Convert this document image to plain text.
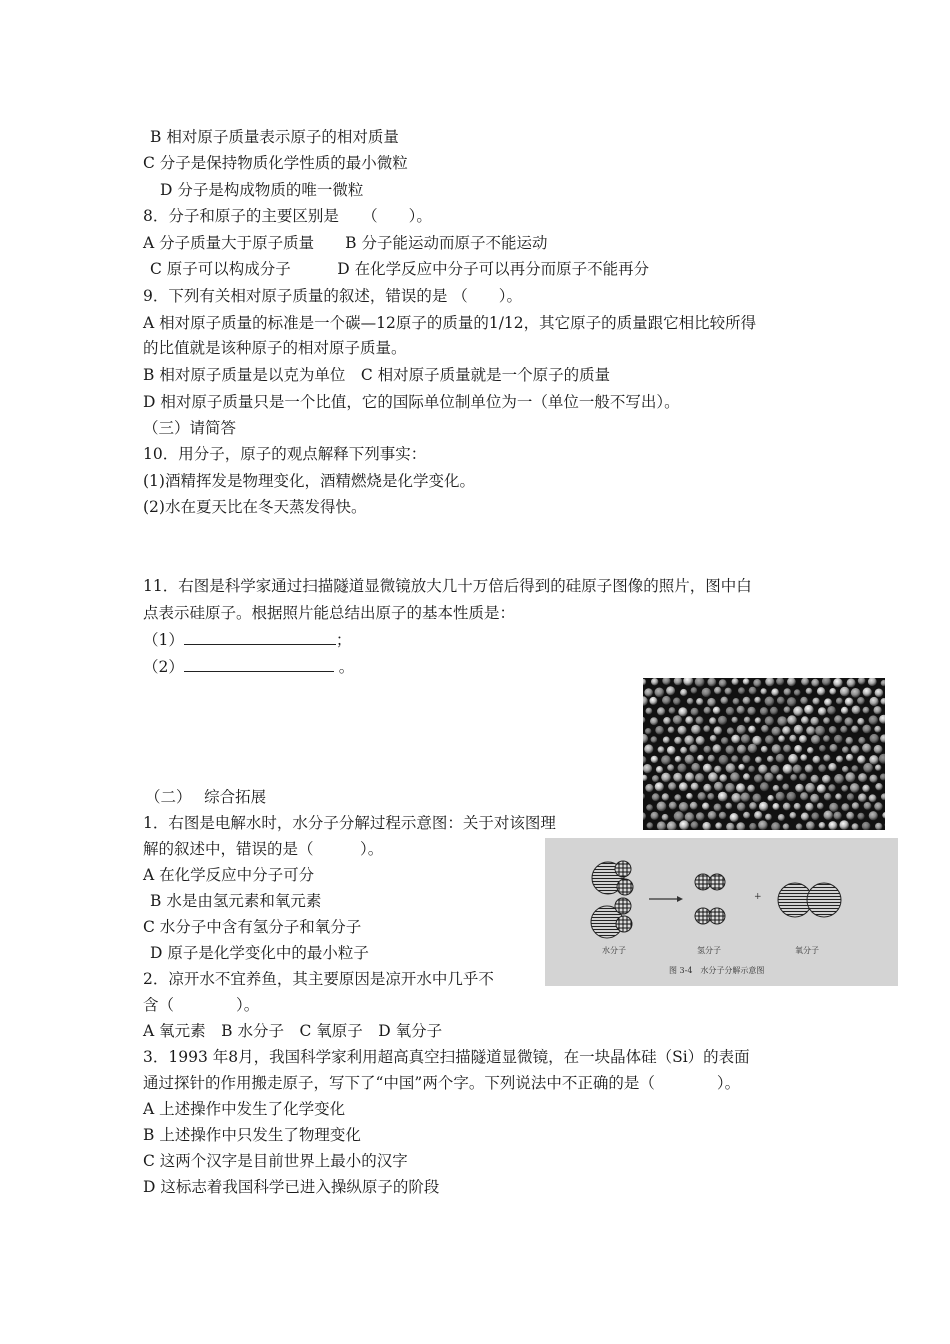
B 相对原子质量表示原子的相对质量
C 分子是保持物质化学性质的最小微粒
D 分子是构成物质的唯一微粒
8．分子和原子的主要区别是　　（　　）。
A 分子质量大于原子质量　　B 分子能运动而原子不能运动
C 原子可以构成分子　　　D 在化学反应中分子可以再分而原子不能再分
9．下列有关相对原子质量的叙述，错误的是 （　　）。
A 相对原子质量的标准是一个碳—12原子的质量的1/12，其它原子的质量跟它相比较所得
的比值就是该种原子的相对原子质量。
B 相对原子质量是以克为单位　C 相对原子质量就是一个原子的质量
D 相对原子质量只是一个比值，它的国际单位制单位为一（单位一般不写出）。
（三）请简答
10．用分子，原子的观点解释下列事实：
(1)酒精挥发是物理变化，酒精燃烧是化学变化。
(2)水在夏天比在冬天蒸发得快。
11．右图是科学家通过扫描隧道显微镜放大几十万倍后得到的硅原子图像的照片，图中白
点表示硅原子。根据照片能总结出原子的基本性质是：
（1）	；
（2）	。
（二）　 综合拓展
1．右图是电解水时，水分子分解过程示意图：关于对该图理
解的叙述中，错误的是（　　　）。
A 在化学反应中分子可分
B 水是由氢元素和氧元素
C 水分子中含有氢分子和氧分子
D 原子是化学变化中的最小粒子
2．凉开水不宜养鱼，其主要原因是凉开水中几乎不
含（　　　　）。
A 氧元素　B 水分子　C 氧原子　D 氧分子
3．1993 年8月，我国科学家利用超高真空扫描隧道显微镜，在一块晶体硅（Si）的表面
通过探针的作用搬走原子，写下了“中国”两个字。下列说法中不正确的是（　　　　）。
A 上述操作中发生了化学变化
B 上述操作中只发生了物理变化
C 这两个汉字是目前世界上最小的汉字
D 这标志着我国科学已进入操纵原子的阶段
+
水分子	氢分子	氧分子
图 3-4　水分子分解示意图
